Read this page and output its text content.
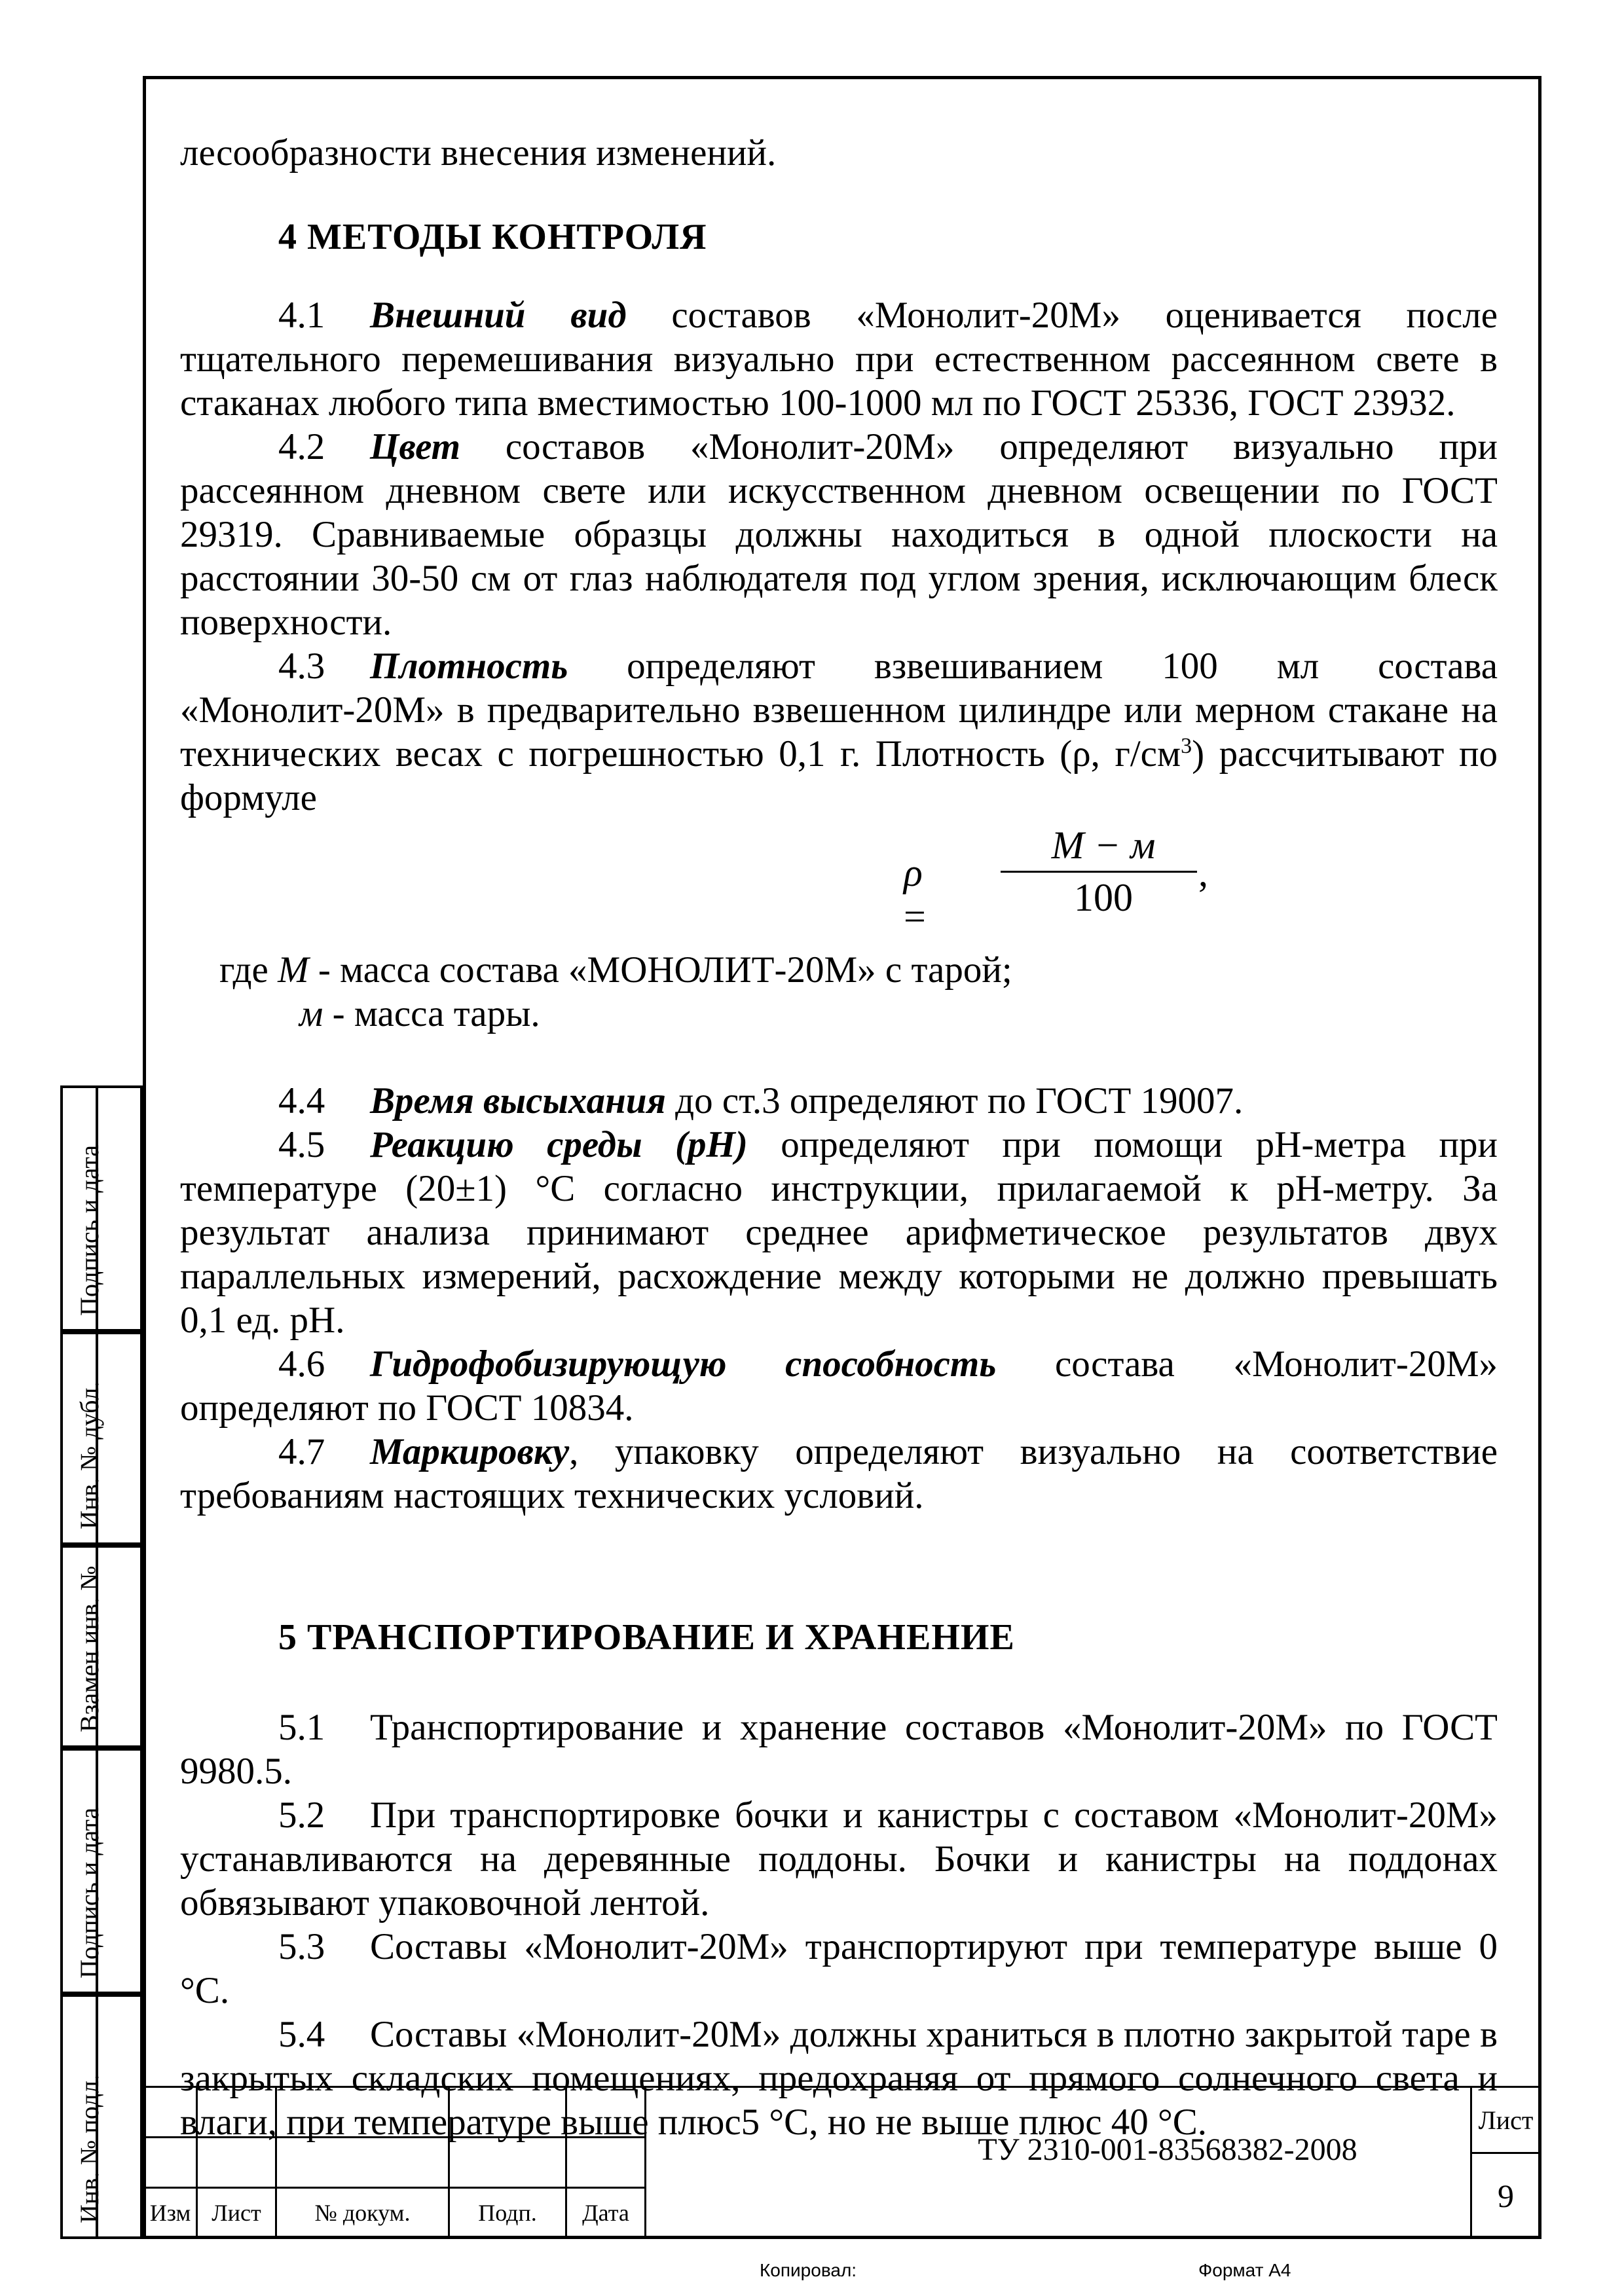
лесообразности внесения изменений.

4 МЕТОДЫ КОНТРОЛЯ

4.1 Внешний вид составов «Монолит-20М» оценивается после тщательного перемешивания визуально при естественном рассеянном свете в стаканах любого типа вместимостью 100-1000 мл по ГОСТ 25336, ГОСТ 23932.

4.2 Цвет составов «Монолит-20М» определяют визуально при рассеянном дневном свете или искусственном дневном освещении по ГОСТ 29319. Сравниваемые образцы должны находиться в одной плоскости на расстоянии 30-50 см от глаз наблюдателя под углом зрения, исключающим блеск поверхности.

4.3 Плотность определяют взвешиванием 100 мл состава «Монолит-20М» в предварительно взвешенном цилиндре или мерном стакане на технических весах с погрешностью 0,1 г. Плотность (ρ, $г/см^3$) рассчитывают по формуле

ρ =
М − м
100
,

где М - масса состава «МОНОЛИТ-20М» с тарой;

м - масса тары.

4.4 Время высыхания до ст.3 определяют по ГОСТ 19007.

4.5 Реакцию среды (рН) определяют при помощи рН-метра при температуре (20±1) °С согласно инструкции, прилагаемой к рН-метру. За результат анализа принимают среднее арифметическое результатов двух параллельных измерений, расхождение между которыми не должно превышать 0,1 ед. рН.

4.6 Гидрофобизирующую способность состава «Монолит-20М» определяют по ГОСТ 10834.

4.7 Маркировку, упаковку определяют визуально на соответствие требованиям настоящих технических условий.

5 ТРАНСПОРТИРОВАНИЕ И ХРАНЕНИЕ

5.1 Транспортирование и хранение составов «Монолит-20М» по ГОСТ 9980.5.

5.2 При транспортировке бочки и канистры с составом «Монолит-20М» устанавливаются на деревянные поддоны. Бочки и канистры на поддонах обвязывают упаковочной лентой.

5.3 Составы «Монолит-20М» транспортируют при температуре выше 0 °С.

5.4 Составы «Монолит-20М» должны храниться в плотно закрытой таре в закрытых складских помещениях, предохраняя от прямого солнечного света и влаги, при температуре выше плюс5 °С, но не выше плюс 40 °С.

Подпись и дата
Инв. № дубл.
Взамен инв. №
Подпись и дата
Инв. № подл. Изм Лист	№ докум.	Подп.	Дата
Лист
9
ТУ 2310-001-83568382-2008
Копировал:	Формат А4
